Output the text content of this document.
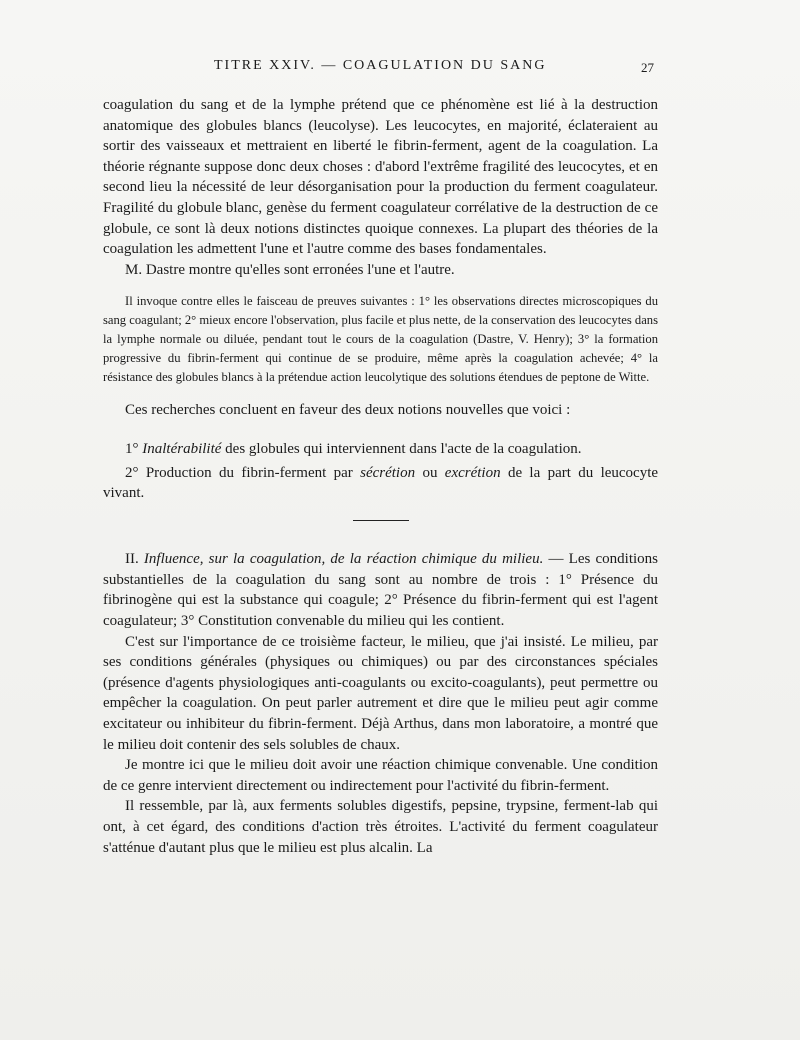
TITRE XXIV. — COAGULATION DU SANG	27

coagulation du sang et de la lymphe prétend que ce phénomène est lié à la destruction anatomique des globules blancs (leucolyse). Les leucocytes, en majorité, éclateraient au sortir des vaisseaux et mettraient en liberté le fibrin-ferment, agent de la coagulation. La théorie régnante suppose donc deux choses : d'abord l'extrême fragilité des leucocytes, et en second lieu la nécessité de leur désorganisation pour la production du ferment coagulateur. Fragilité du globule blanc, genèse du ferment coagulateur corrélative de la destruction de ce globule, ce sont là deux notions distinctes quoique connexes. La plupart des théories de la coagulation les admettent l'une et l'autre comme des bases fondamentales.

M. Dastre montre qu'elles sont erronées l'une et l'autre.

Il invoque contre elles le faisceau de preuves suivantes : 1° les observations directes microscopiques du sang coagulant; 2° mieux encore l'observation, plus facile et plus nette, de la conservation des leucocytes dans la lymphe normale ou diluée, pendant tout le cours de la coagulation (Dastre, V. Henry); 3° la formation progressive du fibrin-ferment qui continue de se produire, même après la coagulation achevée; 4° la résistance des globules blancs à la prétendue action leucolytique des solutions étendues de peptone de Witte.

Ces recherches concluent en faveur des deux notions nouvelles que voici :

1° Inaltérabilité des globules qui interviennent dans l'acte de la coagulation.

2° Production du fibrin-ferment par sécrétion ou excrétion de la part du leucocyte vivant.

II. Influence, sur la coagulation, de la réaction chimique du milieu. — Les conditions substantielles de la coagulation du sang sont au nombre de trois : 1° Présence du fibrinogène qui est la substance qui coagule; 2° Présence du fibrin-ferment qui est l'agent coagulateur; 3° Constitution convenable du milieu qui les contient.

C'est sur l'importance de ce troisième facteur, le milieu, que j'ai insisté. Le milieu, par ses conditions générales (physiques ou chimiques) ou par des circonstances spéciales (présence d'agents physiologiques anti-coagulants ou excito-coagulants), peut permettre ou empêcher la coagulation. On peut parler autrement et dire que le milieu peut agir comme excitateur ou inhibiteur du fibrin-ferment. Déjà Arthus, dans mon laboratoire, a montré que le milieu doit contenir des sels solubles de chaux.

Je montre ici que le milieu doit avoir une réaction chimique convenable. Une condition de ce genre intervient directement ou indirectement pour l'activité du fibrin-ferment.

Il ressemble, par là, aux ferments solubles digestifs, pepsine, trypsine, ferment-lab qui ont, à cet égard, des conditions d'action très étroites. L'activité du ferment coagulateur s'atténue d'autant plus que le milieu est plus alcalin. La
